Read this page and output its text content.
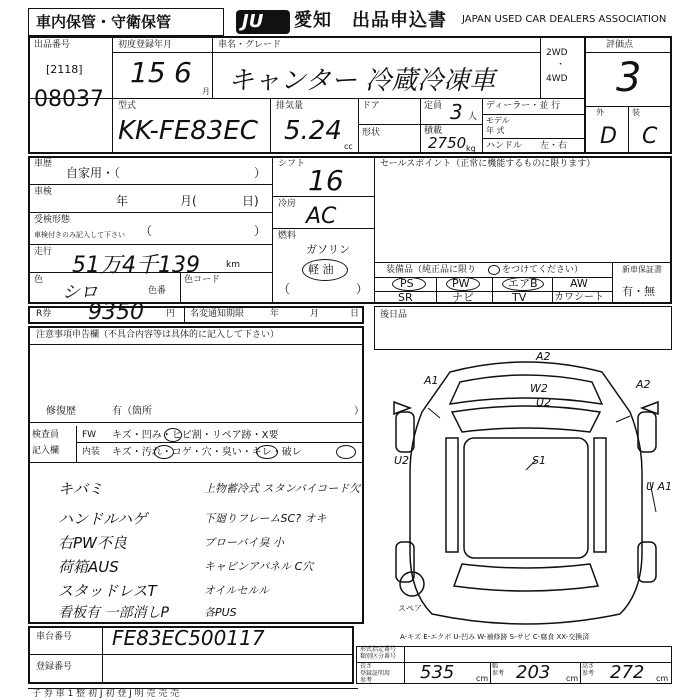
車内保管・守衛保管	JU 愛知 出品申込書 JAPAN USED CAR DEALERS ASSOCIATION
出品番号
[2118]
08037
初度登録年月
15 6
月
車名・グレード
キャンター 冷蔵冷凍車
2WD
・
4WD
評価点
3
外	装
D C
型式
KK-FE83EC
排気量
5.24
cc
ドア
形状
定員 3 人
積載
2750 kg
ディーラー・並 行
モデル
年 式
ハンドル 左・右
車歴
自家用・（	）
車検
年	月(	日)
受検形態
車検付きのみ記入して下さい （	）
走行
51万4千139	km
色
シロ	色番
色コード
シフト 16
冷房 AC
燃料
ガソリン
軽 油
（	）
セールスポイント（正常に機能するものに限ります）
装備品（純正品に限り	をつけてください）
PS	PW	エアB	AW
SR	ナビ	TV	カワシート
新車保証書
有・無
R券 9350 円 名変通知期限	年	月	日 後日品
注意事項申告欄（不具合内容等は具体的に記入して下さい）
修復歴	有（箇所	）
検査員
記入欄
FW キズ・凹み・ヒビ割・リペア跡・X要
内装 キズ・汚れ・コゲ・穴・臭い・キレ・破レ
キバミ
ハンドルハゲ
右PW不良
荷箱AUS
スタッドレスT
看板有 一部消しP
上物蓄冷式 スタンバイコード欠
下廻りフレームSC? オキ
ブローバイ臭 小
キャビンアパネル C穴
オイルセルル
各PUS
A2
A1	A2
W2
U2
S1
U2
U A1
スペア
A-キズ E-エクボ U-凹み W-補修跡 S-サビ C-腐食 XX-交換済
車台番号 FE83EC500117
登録番号
形式指定番号
類別区分番号
長さ
登録証明用
参考	535	cm
幅
参考 203 cm
高さ
参考 272 cm
子 券 車 1 整 初 J 初 登 J 明 売 売 売
